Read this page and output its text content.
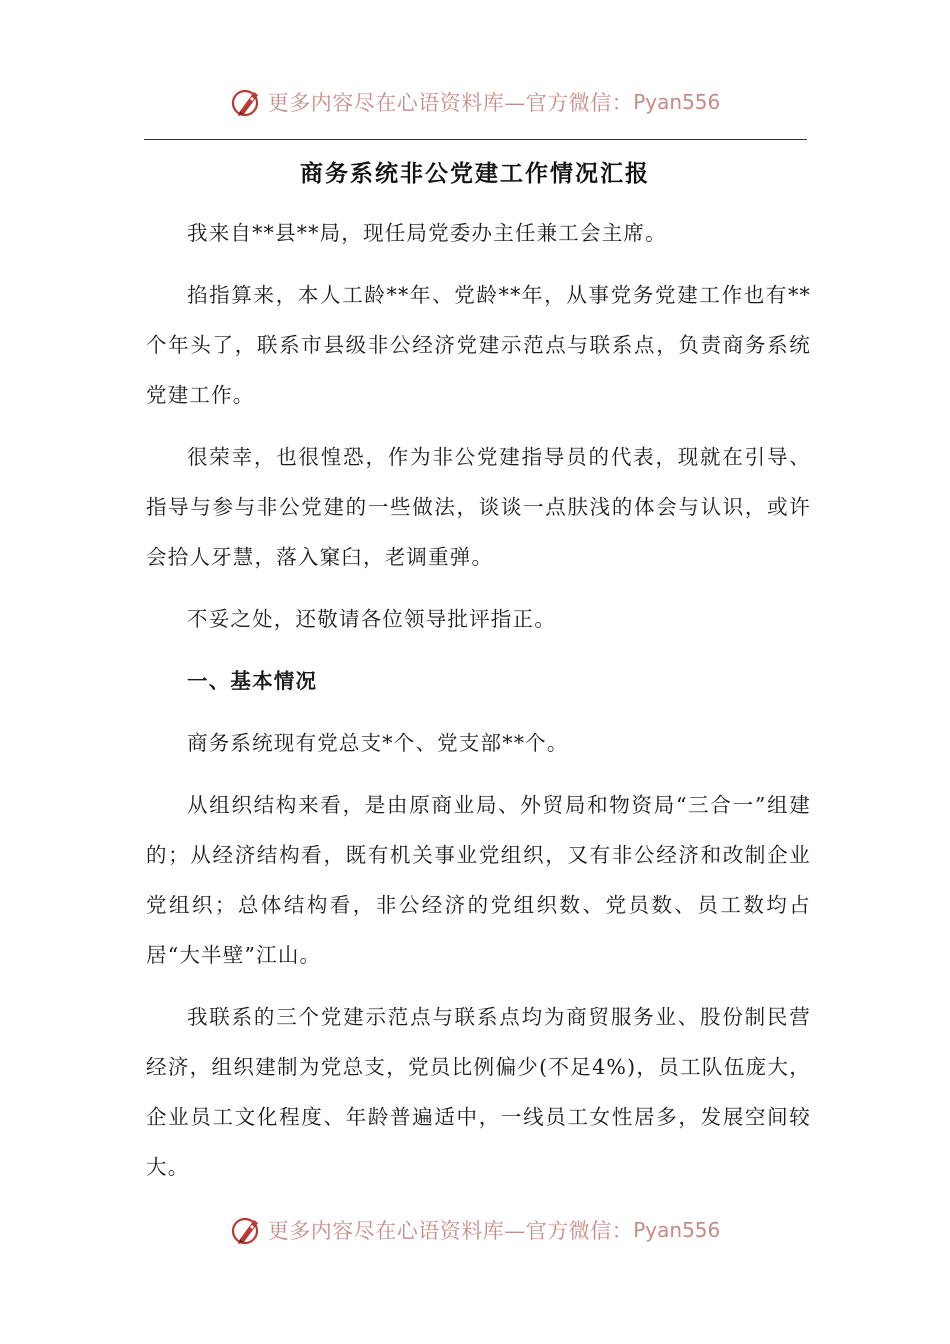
更多内容尽在心语资料库—官方微信： Pyan556
商务系统非公党建工作情况汇报

我来自**县**局，现任局党委办主任兼工会主席。

掐指算来，本人工龄**年、党龄**年，从事党务党建工作也有**个年头了，联系市县级非公经济党建示范点与联系点，负责商务系统党建工作。

很荣幸，也很惶恐，作为非公党建指导员的代表，现就在引导、指导与参与非公党建的一些做法，谈谈一点肤浅的体会与认识，或许会拾人牙慧，落入窠臼，老调重弹。

不妥之处，还敬请各位领导批评指正。

一、基本情况

商务系统现有党总支*个、党支部**个。

从组织结构来看，是由原商业局、外贸局和物资局“三合一”组建的；从经济结构看，既有机关事业党组织，又有非公经济和改制企业党组织；总体结构看，非公经济的党组织数、党员数、员工数均占居“大半壁”江山。

我联系的三个党建示范点与联系点均为商贸服务业、股份制民营经济，组织建制为党总支，党员比例偏少(不足4%)，员工队伍庞大，企业员工文化程度、年龄普遍适中，一线员工女性居多，发展空间较大。

更多内容尽在心语资料库—官方微信： Pyan556
